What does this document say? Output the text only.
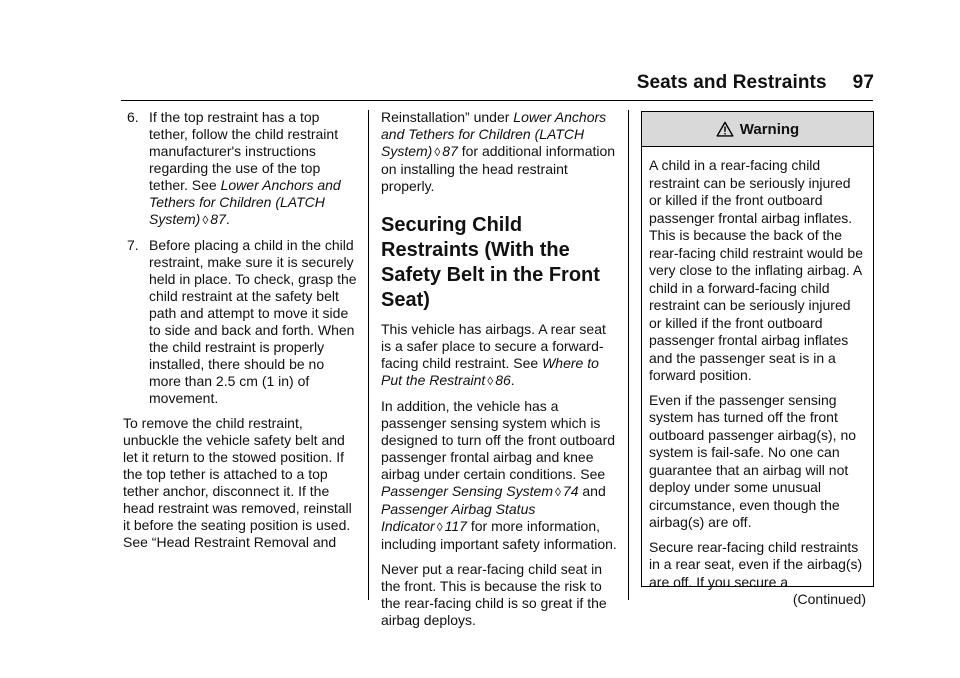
Seats and Restraints 97
6. If the top restraint has a top tether, follow the child restraint manufacturer's instructions regarding the use of the top tether. See Lower Anchors and Tethers for Children (LATCH System) ◊ 87.
7. Before placing a child in the child restraint, make sure it is securely held in place. To check, grasp the child restraint at the safety belt path and attempt to move it side to side and back and forth. When the child restraint is properly installed, there should be no more than 2.5 cm (1 in) of movement.

To remove the child restraint, unbuckle the vehicle safety belt and let it return to the stowed position. If the top tether is attached to a top tether anchor, disconnect it. If the head restraint was removed, reinstall it before the seating position is used. See “Head Restraint Removal and

Reinstallation” under Lower Anchors and Tethers for Children (LATCH System) ◊ 87 for additional information on installing the head restraint properly.

Securing Child Restraints (With the Safety Belt in the Front Seat)

This vehicle has airbags. A rear seat is a safer place to secure a forward-facing child restraint. See Where to Put the Restraint ◊ 86.

In addition, the vehicle has a passenger sensing system which is designed to turn off the front outboard passenger frontal airbag and knee airbag under certain conditions. See Passenger Sensing System ◊ 74 and Passenger Airbag Status Indicator ◊ 117 for more information, including important safety information.

Never put a rear-facing child seat in the front. This is because the risk to the rear-facing child is so great if the airbag deploys.

Warning

A child in a rear-facing child restraint can be seriously injured or killed if the front outboard passenger frontal airbag inflates. This is because the back of the rear-facing child restraint would be very close to the inflating airbag. A child in a forward-facing child restraint can be seriously injured or killed if the front outboard passenger frontal airbag inflates and the passenger seat is in a forward position.

Even if the passenger sensing system has turned off the front outboard passenger airbag(s), no system is fail-safe. No one can guarantee that an airbag will not deploy under some unusual circumstance, even though the airbag(s) are off.

Secure rear-facing child restraints in a rear seat, even if the airbag(s) are off. If you secure a

(Continued)
